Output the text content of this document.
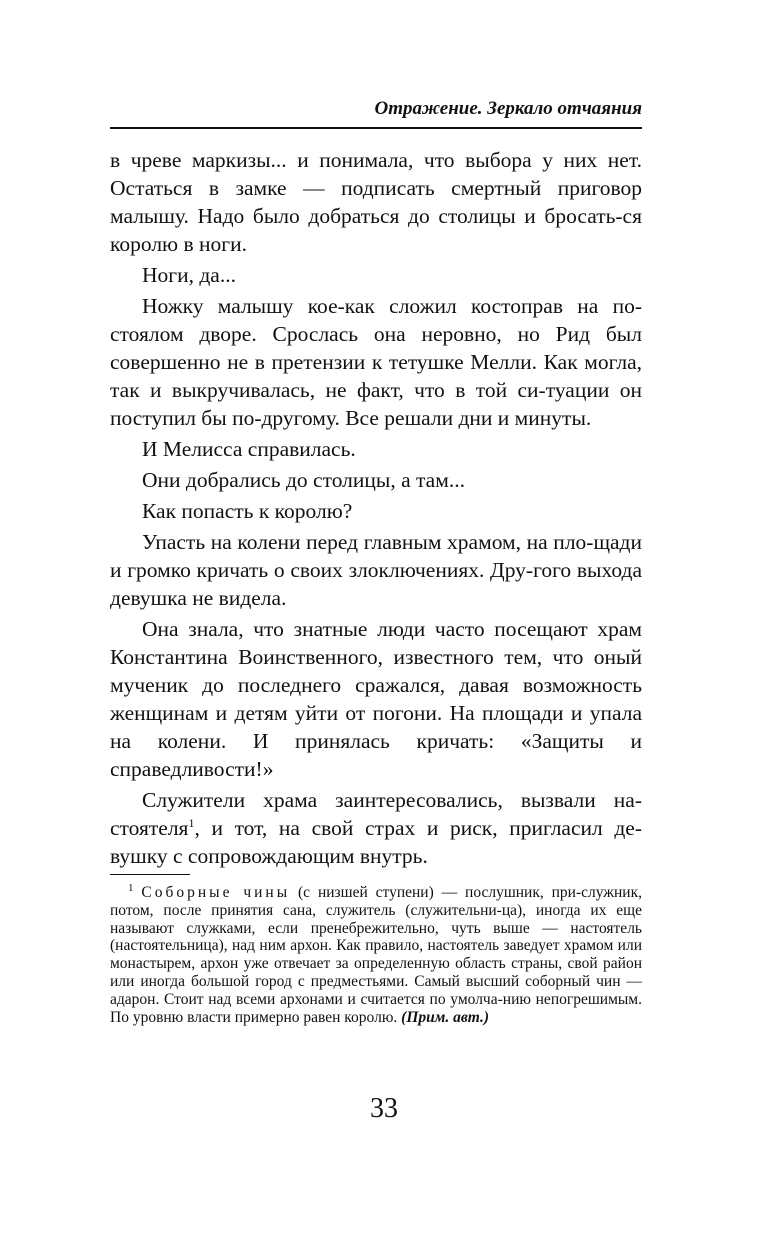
Отражение. Зеркало отчаяния

в чреве маркизы... и понимала, что выбора у них нет. Остаться в замке — подписать смертный приговор малышу. Надо было добраться до столицы и бросать-ся королю в ноги.

Ноги, да...

Ножку малышу кое-как сложил костоправ на по-стоялом дворе. Срослась она неровно, но Рид был совершенно не в претензии к тетушке Мелли. Как могла, так и выкручивалась, не факт, что в той си-туации он поступил бы по-другому. Все решали дни и минуты.

И Мелисса справилась.

Они добрались до столицы, а там...

Как попасть к королю?

Упасть на колени перед главным храмом, на пло-щади и громко кричать о своих злоключениях. Дру-гого выхода девушка не видела.

Она знала, что знатные люди часто посещают храм Константина Воинственного, известного тем, что оный мученик до последнего сражался, давая возможность женщинам и детям уйти от погони. На площади и упала на колени. И принялась кричать: «Защиты и справедливости!»

Служители храма заинтересовались, вызвали на-стоятеля$^1$, и тот, на свой страх и риск, пригласил де-вушку с сопровождающим внутрь.

$^1$ Соборные чины (с низшей ступени) — послушник, при-служник, потом, после принятия сана, служитель (служительни-ца), иногда их еще называют служками, если пренебрежительно, чуть выше — настоятель (настоятельница), над ним архон. Как правило, настоятель заведует храмом или монастырем, архон уже отвечает за определенную область страны, свой район или иногда большой город с предместьями. Самый высший соборный чин — адарон. Стоит над всеми архонами и считается по умолча-нию непогрешимым. По уровню власти примерно равен королю. (Прим. авт.)

33
